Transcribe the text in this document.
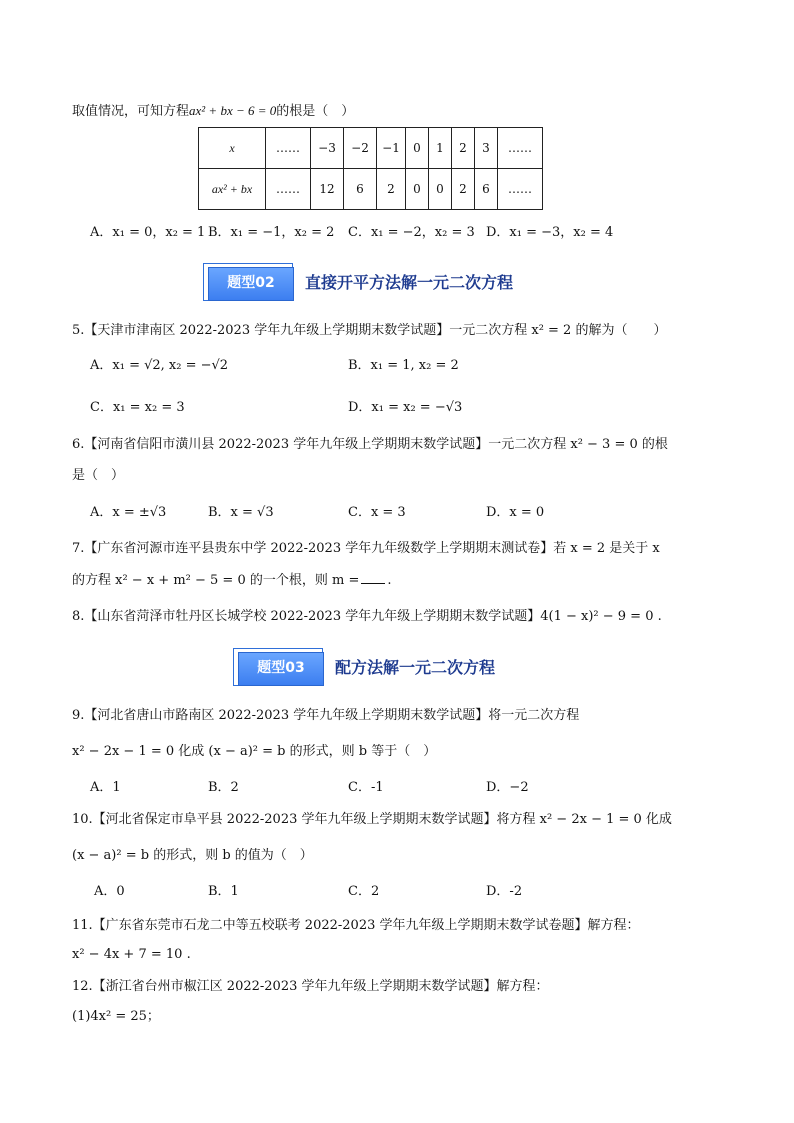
取值情况，可知方程ax² + bx − 6 = 0的根是（　）
x	……	−3	−2	−1	0	1	2	3	……
ax² + bx	……	12	6	2	0	0	2	6	……
A．x₁ = 0，x₂ = 1 B．x₁ = −1，x₂ = 2 C．x₁ = −2，x₂ = 3 D．x₁ = −3，x₂ = 4
题型02	直接开平方法解一元二次方程
5.【天津市津南区 2022-2023 学年九年级上学期期末数学试题】一元二次方程 x² = 2 的解为（　　）
A．x₁ = √2, x₂ = −√2	B．x₁ = 1, x₂ = 2
C．x₁ = x₂ = 3	D．x₁ = x₂ = −√3
6.【河南省信阳市潢川县 2022-2023 学年九年级上学期期末数学试题】一元二次方程 x² − 3 = 0 的根
是（　）
A．x = ±√3	B．x = √3	C．x = 3	D．x = 0
7.【广东省河源市连平县贵东中学 2022-2023 学年九年级数学上学期期末测试卷】若 x = 2 是关于 x
的方程 x² − x + m² − 5 = 0 的一个根，则 m = .
8.【山东省菏泽市牡丹区长城学校 2022-2023 学年九年级上学期期末数学试题】4(1 − x)² − 9 = 0 .
题型03	配方法解一元二次方程
9.【河北省唐山市路南区 2022-2023 学年九年级上学期期末数学试题】将一元二次方程
x² − 2x − 1 = 0 化成 (x − a)² = b 的形式，则 b 等于（　）
A．1	B．2	C．-1	D．−2
10.【河北省保定市阜平县 2022-2023 学年九年级上学期期末数学试题】将方程 x² − 2x − 1 = 0 化成
(x − a)² = b 的形式，则 b 的值为（　）
A．0	B．1	C．2	D．-2
11.【广东省东莞市石龙二中等五校联考 2022-2023 学年九年级上学期期末数学试卷题】解方程：
x² − 4x + 7 = 10 .
12.【浙江省台州市椒江区 2022-2023 学年九年级上学期期末数学试题】解方程：
(1)4x² = 25；
